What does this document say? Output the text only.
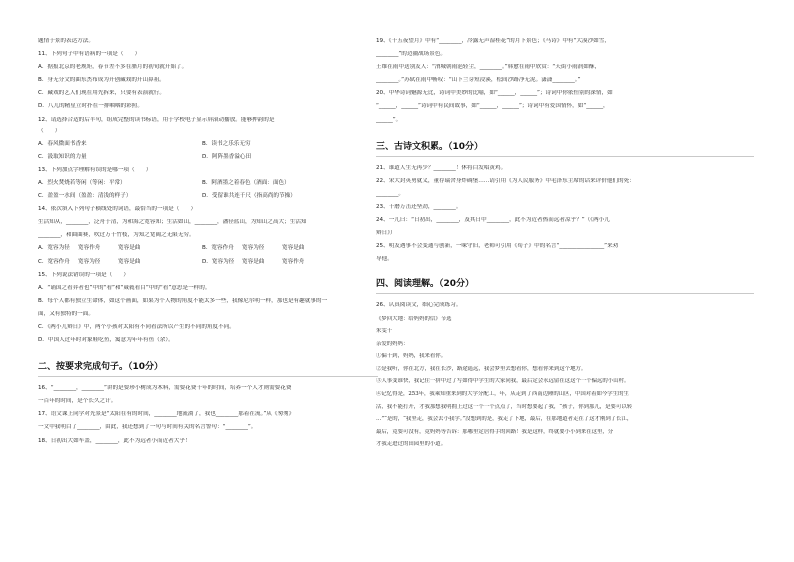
题情于景的表达方法。
11、下列句子中有语病的一项是（　　）
A．据报北京的老规矩，春节差不多在腊月的初旬就开始了。
B．身无分文的曲东杰布成为开创藏戏的开山鼻祖。
C．藏戏的艺人们现在用先拆来，只要有表演就行。
D．八儿的精星立时扑在一排咽咽的彩照。
12、请选择合适的后半句，组成完整的读书标语，用于学校电子显示屏滚动播放。能够押韵的是
（　　）
A．春风微面书香来	B．读书之乐乐无穷
C．汲取知识的力量	D．阿阵墨香溢心田
13、下列加点字理解有误的是哪一项（　　）
A．烈火焚烧若等闲（等闲：平常）	B．阿酒墨之着春色（酒面：面色）
C．盈盈一水间（盈盈：清浅的样子）	D．受留谁共连千尺（指高尚的节操）
14、依次填入下列句子横线处的词语，最恰当的一项是（　　）
生活知从，________，泛舟于清，为和海之宽容知；生活如山，________，潘径蓝山，为知山之高大；生活知
________，和曲曲赛，吹过万千竹枝，为知之宽阔之无限无穷。
A．宽容为径	宽容作舟	宽容是曲	B．宽容作舟	宽容为径	宽容是曲
C．宽容作舟	宽容为径	宽容是曲	D．宽容为径	宽容是曲	宽容作舟
15、下列说法错误的一项是（　　）
A．“诵国之看弈者也”中的“看”和“葳蕤看目”中的“看”意思是一样的。
B．每个人都有独立生命体，如这个画面，如果为个人物的角度不能太多一些，我像尼尔明一样，那也是有趣就事的一
面，又有独特的一面。
C．《两小儿辩日》中，两个小孩对太阳有不同看法所以产生的不同的角度不同。
D．中国人过年时对象鞋吃鱼，寓意为年年有鱼（余）。
二、按要求完成句子。（10分）
16、“________，________”讲的是要珍小树成为木料，需要花费十年的时间，培养一个人才则需要花费
一百年的时间，是个长久之计。
17、语文课上同学对光景是“太阳在有的时间，________地流淌了，我也________那着在流。”从《匆匆》
一文中我明白了________，由此，我还想到了一句与时间有关的名言警句：“________”。
18、日初出大如车盖，________，此不为远者小而近者大乎！
19、《十五夜望月》中有“________，冷露无声湿桂花”的月下景色；《马诗》中有“大漠沙如雪，
________”的边疆战场景色。
王维在雨中送别友人：“渭城朝雨浥轻尘，________。”韩愈在雨中欣赏：“天街小雨润如酥，
________。”苏轼在雨中畅叹：“山下兰芽短浸溪，松间沙路净无泥。潇潇________。”
20、中华诗词魅源无比，诗词中美妙的比喻，如“______，______”；诗词中你依恒别的深情，如
“______，______”诗词中有民间故事，如“______，______”；诗词中有爱国情怀，如“______，
______”。
三、古诗文积累。（10分）
21、谁道人生无再少？________！休将白发唱黄鸡。
22、宋大封英勇就义，董存瑞舍身炸碉堡……请引用《为人民服务》中毛泽东主席的话来评价他们的死：
________。
23、千磨万击还坚劲，________。
24、一儿曰：“日初出，________，及其日中________，此不为近者热而远者凉乎？”（《两小儿
辩日》）
25、明友遇事不会变通与创新，一味守旧，老师可引用《荀子》中的名言“________________”来劝
导他。
四、阅读理解。（20分）
26、认真阅读文，细心完成练习。
《梦回大地：给妈妈的信》节选
朱雯千
亲爱的妈妈：
①偏千到，妈妈，我来看你。
②是我听，你在北方，我在长沙，路途遥远，我会梦里去想看你，想看你来到这个地方。
③人事变谁快，我记住一拼中过了写如得中学生的大家同我，最后定会永远留在这这个一个偏远的小山村。
④记忆得是，253年，我乘知重来到的大学分配工，年，从走到了西南边陲的山区，中国对着如今学生的生
活，我不能打开，才我那想我明拥上过这一个一个点点了，当时想要起了我，“孩子，你到那儿，是要可以转
…”“是的，“我坚走，我会去小我学。”没想到的是，我走了下地，最后，在那地道者走在了这才刚到了长江，
最后，竟要可没有，竟妈妈等告诉：那哪里定居得手的回路！我是这样，终就要小小到来在这里，分
才我走进过的田园里的小道。
